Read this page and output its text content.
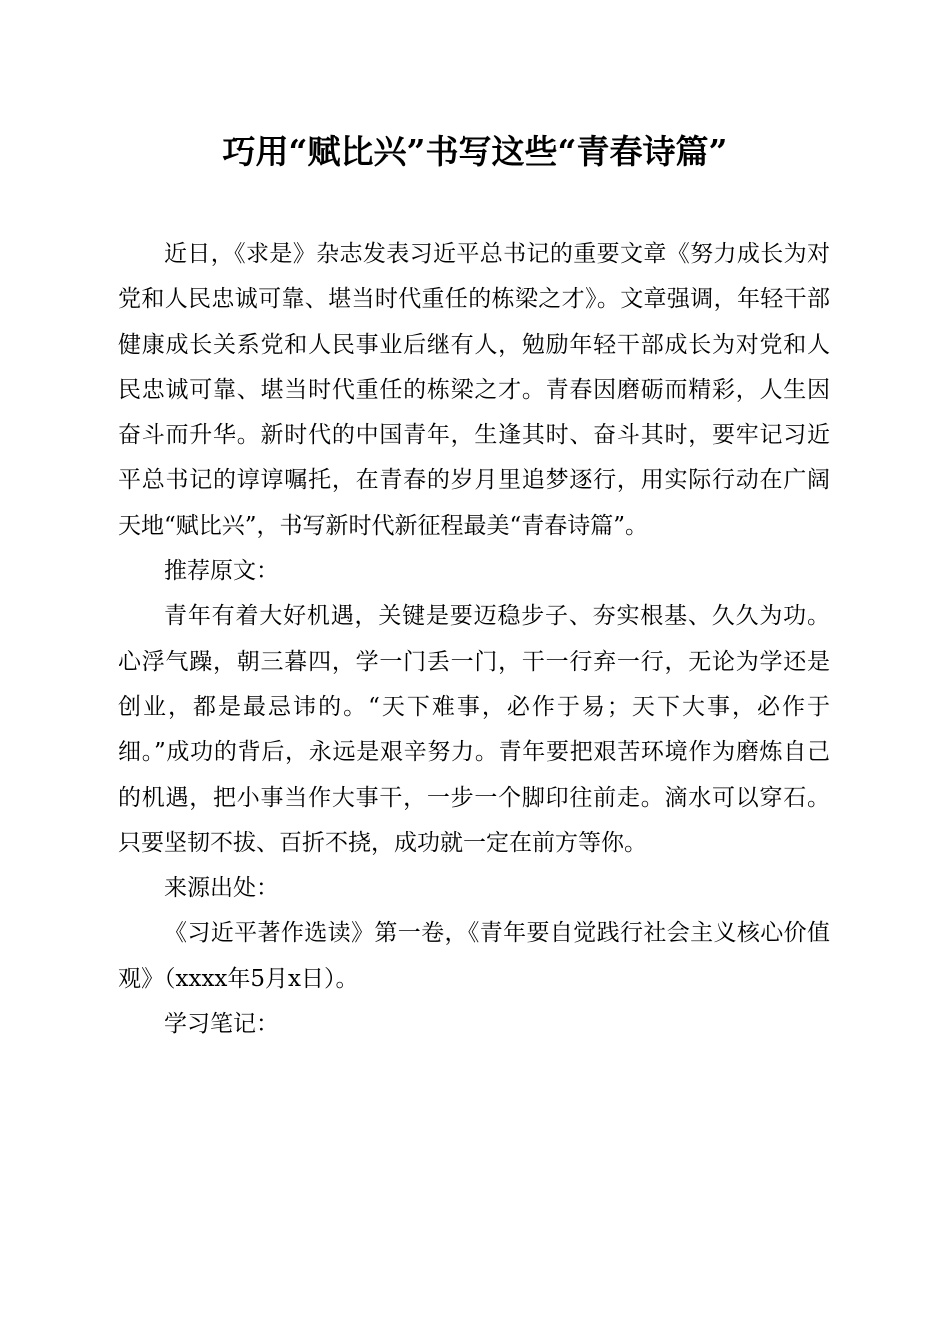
巧用“赋比兴”书写这些“青春诗篇”

近日，《求是》杂志发表习近平总书记的重要文章《努力成长为对党和人民忠诚可靠、堪当时代重任的栋梁之才》。文章强调，年轻干部健康成长关系党和人民事业后继有人，勉励年轻干部成长为对党和人民忠诚可靠、堪当时代重任的栋梁之才。青春因磨砺而精彩，人生因奋斗而升华。新时代的中国青年，生逢其时、奋斗其时，要牢记习近平总书记的谆谆嘱托，在青春的岁月里追梦逐行，用实际行动在广阔天地“赋比兴”，书写新时代新征程最美“青春诗篇”。

推荐原文：

青年有着大好机遇，关键是要迈稳步子、夯实根基、久久为功。心浮气躁，朝三暮四，学一门丢一门，干一行弃一行，无论为学还是创业，都是最忌讳的。“天下难事，必作于易；天下大事，必作于细。”成功的背后，永远是艰辛努力。青年要把艰苦环境作为磨炼自己的机遇，把小事当作大事干，一步一个脚印往前走。滴水可以穿石。只要坚韧不拔、百折不挠，成功就一定在前方等你。

来源出处：

《习近平著作选读》第一卷，《青年要自觉践行社会主义核心价值观》（xxxx年5月x日）。

学习笔记：
